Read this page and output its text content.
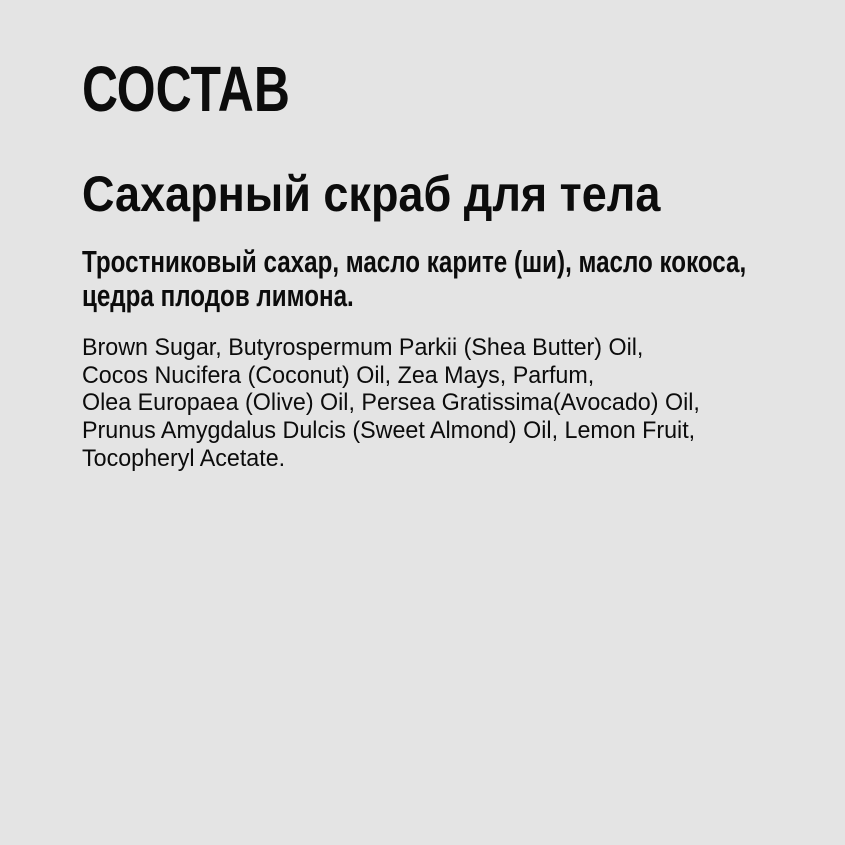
СОСТАВ
Сахарный скраб для тела
Тростниковый сахар, масло карите (ши), масло кокоса,
цедра плодов лимона.
Brown Sugar, Butyrospermum Parkii (Shea Butter) Oil,
Cocos Nucifera (Coconut) Oil, Zea Mays, Parfum,
Olea Europaea (Olive) Oil, Persea Gratissima(Avocado) Oil,
Prunus Amygdalus Dulcis (Sweet Almond) Oil, Lemon Fruit,
Tocopheryl Acetate.
